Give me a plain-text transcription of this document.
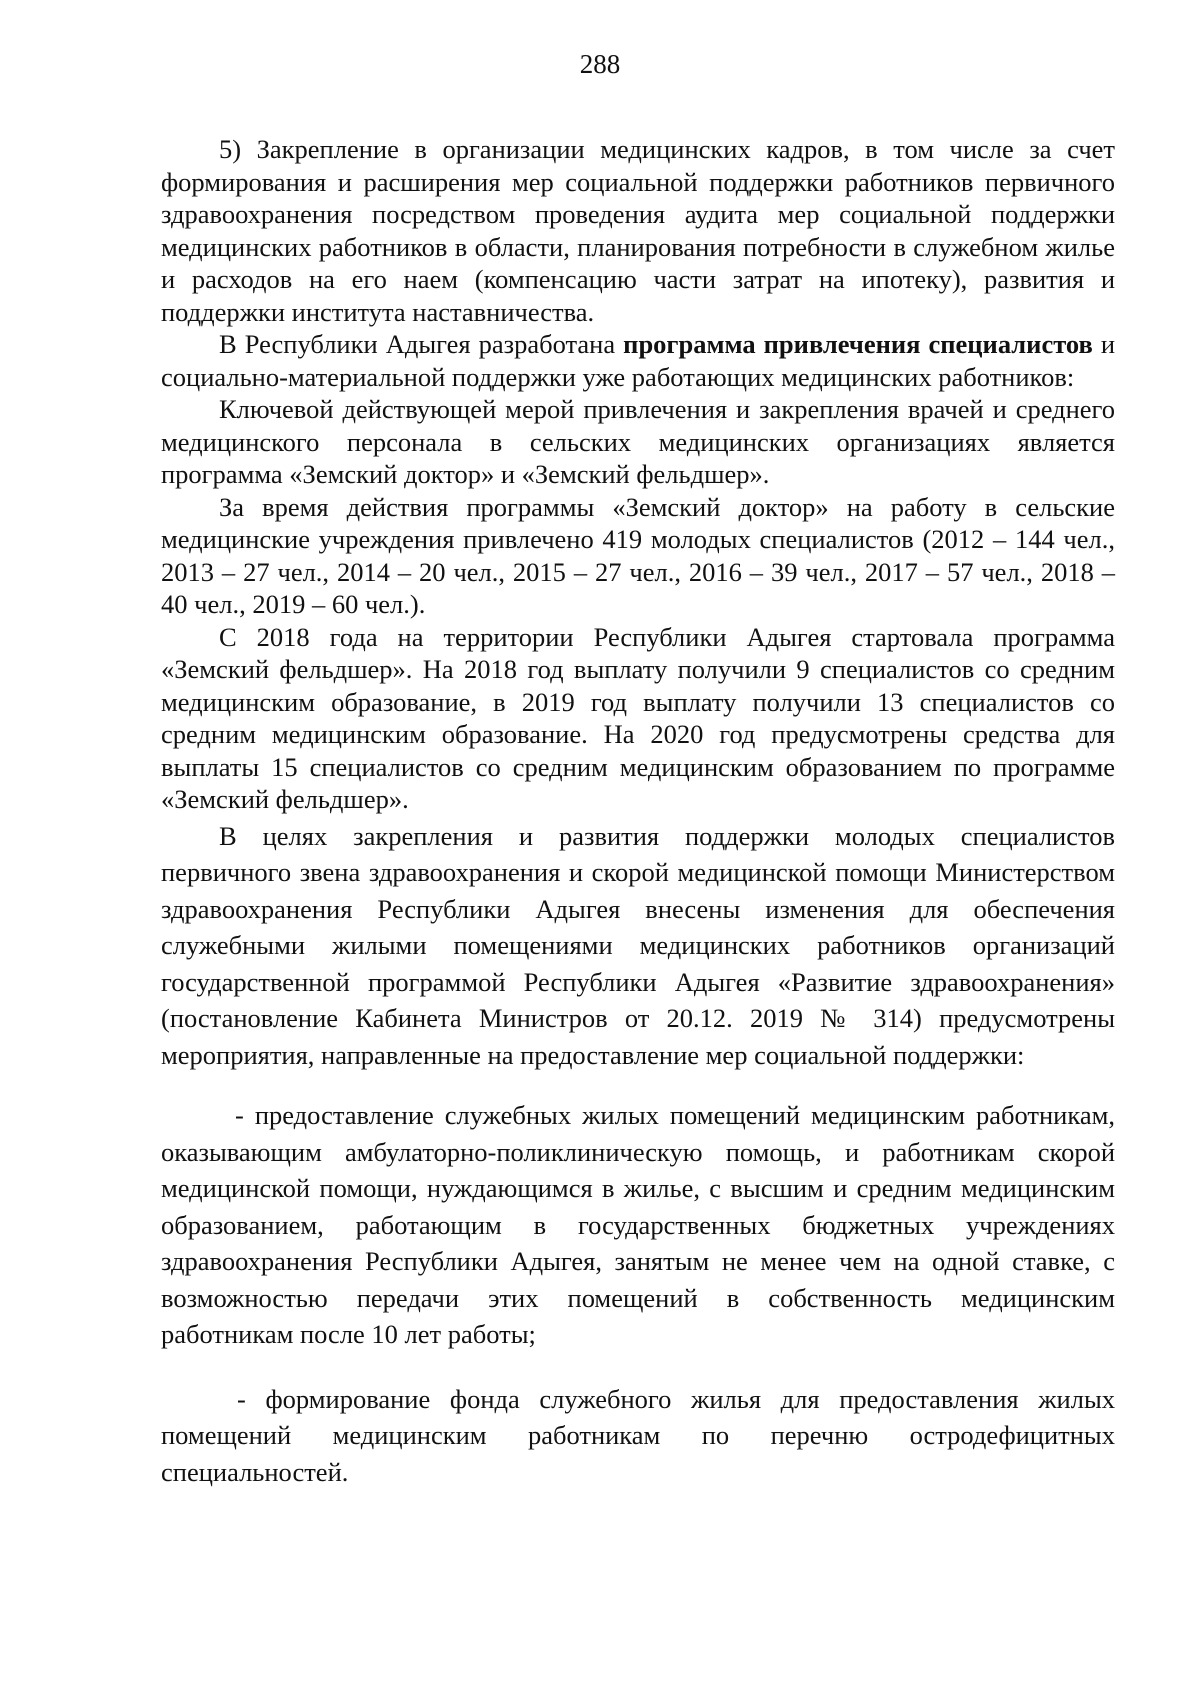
288

5) Закрепление в организации медицинских кадров, в том числе за счет формирования и расширения мер социальной поддержки работников первичного здравоохранения посредством проведения аудита мер социальной поддержки медицинских работников в области, планирования потребности в служебном жилье и расходов на его наем (компенсацию части затрат на ипотеку), развития и поддержки института наставничества.

В Республики Адыгея разработана программа привлечения специалистов и социально-материальной поддержки уже работающих медицинских работников:

Ключевой действующей мерой привлечения и закрепления врачей и среднего медицинского персонала в сельских медицинских организациях является программа «Земский доктор» и «Земский фельдшер».

За время действия программы «Земский доктор» на работу в сельские медицинские учреждения привлечено 419 молодых специалистов (2012 – 144 чел., 2013 – 27 чел., 2014 – 20 чел., 2015 – 27 чел., 2016 – 39 чел., 2017 – 57 чел., 2018 – 40 чел., 2019 – 60 чел.).

С 2018 года на территории Республики Адыгея стартовала программа «Земский фельдшер». На 2018 год выплату получили 9 специалистов со средним медицинским образование, в 2019 год выплату получили 13 специалистов со средним медицинским образование. На 2020 год предусмотрены средства для выплаты 15 специалистов со средним медицинским образованием по программе «Земский фельдшер».

В целях закрепления и развития поддержки молодых специалистов первичного звена здравоохранения и скорой медицинской помощи Министерством здравоохранения Республики Адыгея внесены изменения для обеспечения служебными жилыми помещениями медицинских работников организаций государственной программой Республики Адыгея «Развитие здравоохранения» (постановление Кабинета Министров от 20.12. 2019 № 314) предусмотрены мероприятия, направленные на предоставление мер социальной поддержки:

- предоставление служебных жилых помещений медицинским работникам, оказывающим амбулаторно-поликлиническую помощь, и работникам скорой медицинской помощи, нуждающимся в жилье, с высшим и средним медицинским образованием, работающим в государственных бюджетных учреждениях здравоохранения Республики Адыгея, занятым не менее чем на одной ставке, с возможностью передачи этих помещений в собственность медицинским работникам после 10 лет работы;

- формирование фонда служебного жилья для предоставления жилых помещений медицинским работникам по перечню остродефицитных специальностей.
